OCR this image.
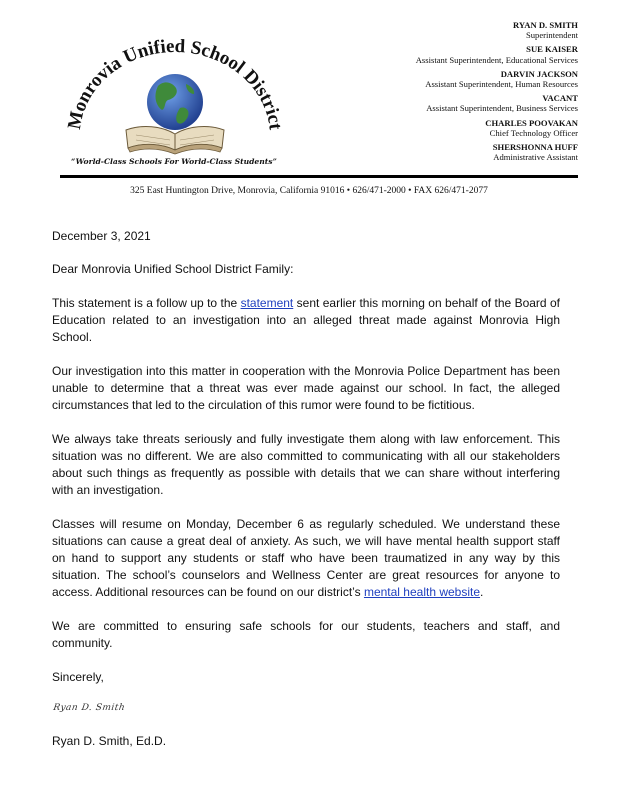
Monrovia Unified School District
“World-Class Schools For World-Class Students”
RYAN D. SMITH
Superintendent
SUE KAISER
Assistant Superintendent, Educational Services
DARVIN JACKSON
Assistant Superintendent, Human Resources
VACANT
Assistant Superintendent, Business Services
CHARLES POOVAKAN
Chief Technology Officer
SHERSHONNA HUFF
Administrative Assistant
325 East Huntington Drive, Monrovia, California 91016 • 626/471-2000 • FAX 626/471-2077

December 3, 2021

Dear Monrovia Unified School District Family:

This statement is a follow up to the statement sent earlier this morning on behalf of the Board of Education related to an investigation into an alleged threat made against Monrovia High School.

Our investigation into this matter in cooperation with the Monrovia Police Department has been unable to determine that a threat was ever made against our school. In fact, the alleged circumstances that led to the circulation of this rumor were found to be fictitious.

We always take threats seriously and fully investigate them along with law enforcement. This situation was no different. We are also committed to communicating with all our stakeholders about such things as frequently as possible with details that we can share without interfering with an investigation.

Classes will resume on Monday, December 6 as regularly scheduled. We understand these situations can cause a great deal of anxiety. As such, we will have mental health support staff on hand to support any students or staff who have been traumatized in any way by this situation. The school’s counselors and Wellness Center are great resources for anyone to access. Additional resources can be found on our district’s mental health website.

We are committed to ensuring safe schools for our students, teachers and staff, and community.

Sincerely,

Ryan D. Smith

Ryan D. Smith, Ed.D.
